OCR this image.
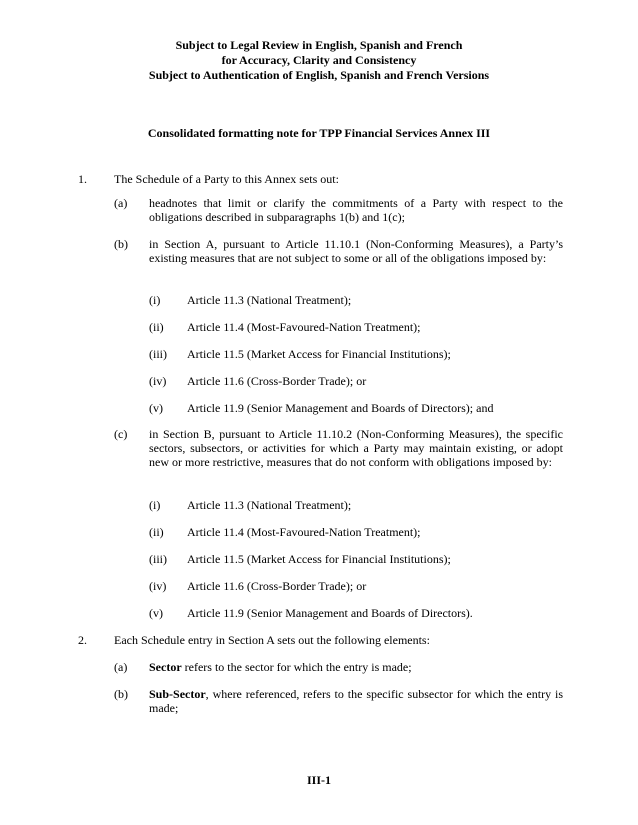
Subject to Legal Review in English, Spanish and French
for Accuracy, Clarity and Consistency
Subject to Authentication of English, Spanish and French Versions
Consolidated formatting note for TPP Financial Services Annex III
1. The Schedule of a Party to this Annex sets out:
(a) headnotes that limit or clarify the commitments of a Party with respect to the obligations described in subparagraphs 1(b) and 1(c);
(b) in Section A, pursuant to Article 11.10.1 (Non-Conforming Measures), a Party’s existing measures that are not subject to some or all of the obligations imposed by:
(i) Article 11.3 (National Treatment);
(ii) Article 11.4 (Most-Favoured-Nation Treatment);
(iii) Article 11.5 (Market Access for Financial Institutions);
(iv) Article 11.6 (Cross-Border Trade); or
(v) Article 11.9 (Senior Management and Boards of Directors); and
(c) in Section B, pursuant to Article 11.10.2 (Non-Conforming Measures), the specific sectors, subsectors, or activities for which a Party may maintain existing, or adopt new or more restrictive, measures that do not conform with obligations imposed by:
(i) Article 11.3 (National Treatment);
(ii) Article 11.4 (Most-Favoured-Nation Treatment);
(iii) Article 11.5 (Market Access for Financial Institutions);
(iv) Article 11.6 (Cross-Border Trade); or
(v) Article 11.9 (Senior Management and Boards of Directors).
2. Each Schedule entry in Section A sets out the following elements:
(a) Sector refers to the sector for which the entry is made;
(b) Sub-Sector, where referenced, refers to the specific subsector for which the entry is made;
III-1
